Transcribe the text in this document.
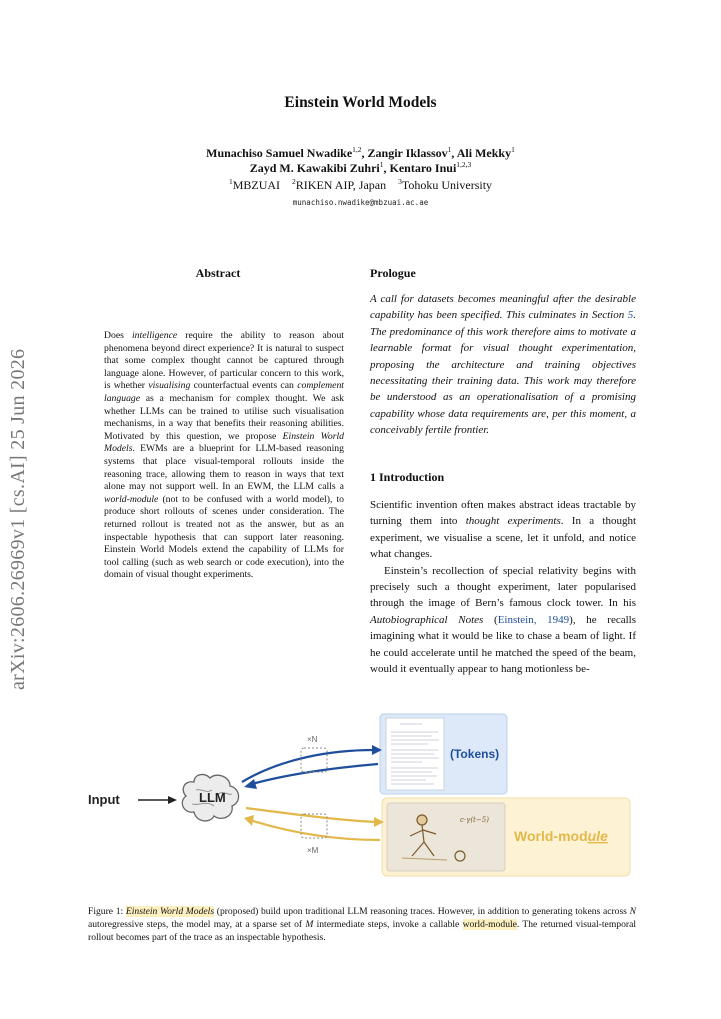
Einstein World Models
Munachiso Samuel Nwadike$^{1,2}$, Zangir Iklassov$^1$, Ali Mekky$^1$
Zayd M. Kawakibi Zuhri$^1$, Kentaro Inui$^{1,2,3}$
$^1$MBZUAI $^2$RIKEN AIP, Japan $^3$Tohoku University
munachiso.nwadike@mbzuai.ac.ae
arXiv:2606.26969v1 [cs.AI] 25 Jun 2026
Abstract
Does intelligence require the ability to reason about phenomena beyond direct experience? It is natural to suspect that some complex thought cannot be captured through language alone. However, of particular concern to this work, is whether visualising counterfactual events can complement language as a mechanism for complex thought. We ask whether LLMs can be trained to utilise such visualisation mechanisms, in a way that benefits their reasoning abilities. Motivated by this question, we propose Einstein World Models. EWMs are a blueprint for LLM-based reasoning systems that place visual-temporal rollouts inside the reasoning trace, allowing them to reason in ways that text alone may not support well. In an EWM, the LLM calls a world-module (not to be confused with a world model), to produce short rollouts of scenes under consideration. The returned rollout is treated not as the answer, but as an inspectable hypothesis that can support later reasoning. Einstein World Models extend the capability of LLMs for tool calling (such as web search or code execution), into the domain of visual thought experiments.
Prologue
A call for datasets becomes meaningful after the desirable capability has been specified. This culminates in Section 5. The predominance of this work therefore aims to motivate a learnable format for visual thought experimentation, proposing the architecture and training objectives necessitating their training data. This work may therefore be understood as an operationalisation of a promising capability whose data requirements are, per this moment, a conceivably fertile frontier.
1 Introduction

Scientific invention often makes abstract ideas tractable by turning them into thought experiments. In a thought experiment, we visualise a scene, let it unfold, and notice what changes.

Einstein’s recollection of special relativity begins with precisely such a thought experiment, later popularised through the image of Bern’s famous clock tower. In his Autobiographical Notes (Einstein, 1949), he recalls imagining what it would be like to chase a beam of light. If he could accelerate until he matched the speed of the beam, would it eventually appear to hang motionless be-

(Tokens)
c·γ(t−5)
World-module
LLM
Input
×N
×M
Figure 1: Einstein World Models (proposed) build upon traditional LLM reasoning traces. However, in addition to generating tokens across N autoregressive steps, the model may, at a sparse set of M intermediate steps, invoke a callable world-module. The returned visual-temporal rollout becomes part of the trace as an inspectable hypothesis.
